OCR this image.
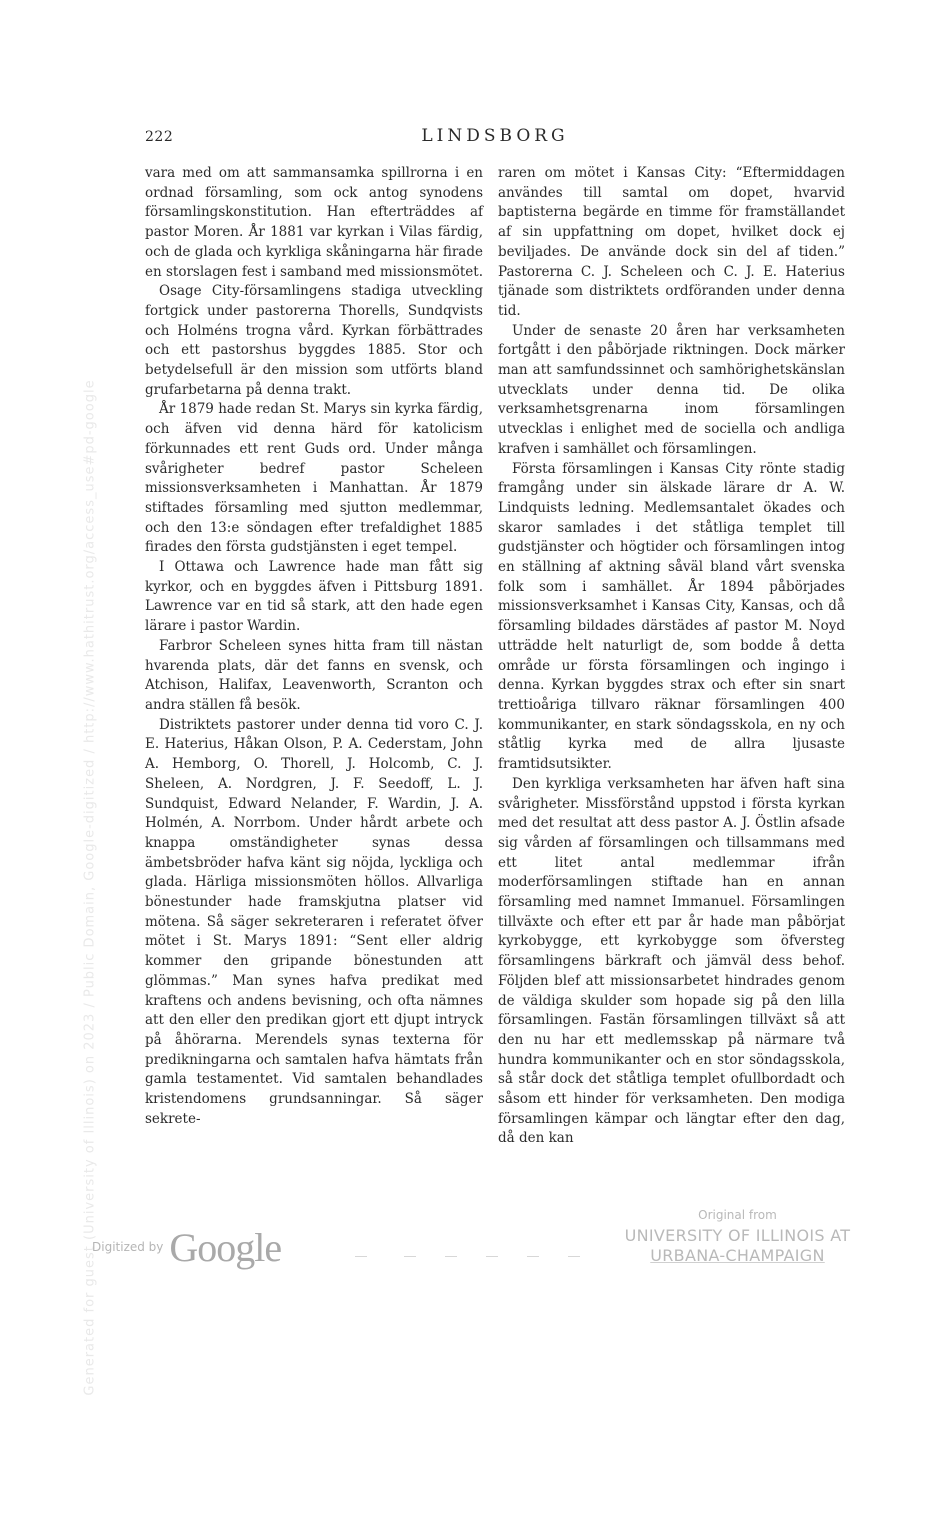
Generated for guest (University of Illinois) on 2023 / Public Domain, Google-digitized / http://www.hathitrust.org/access_use#pd-google
222	LINDSBORG

vara med om att sammansamka spillrorna i en ordnad församling, som ock antog synodens församlingskonstitution. Han efterträddes af pastor Moren. År 1881 var kyrkan i Vilas färdig, och de glada och kyrkliga skåningarna här firade en storslagen fest i samband med missionsmötet.

Osage City-församlingens stadiga utveckling fortgick under pastorerna Thorells, Sundqvists och Holméns trogna vård. Kyrkan förbättrades och ett pastorshus byggdes 1885. Stor och betydelsefull är den mission som utförts bland grufarbetarna på denna trakt.

År 1879 hade redan St. Marys sin kyrka färdig, och äfven vid denna härd för katolicism förkunnades ett rent Guds ord. Under många svårigheter bedref pastor Scheleen missionsverksamheten i Manhattan. År 1879 stiftades församling med sjutton medlemmar, och den 13:e söndagen efter trefaldighet 1885 firades den första gudstjänsten i eget tempel.

I Ottawa och Lawrence hade man fått sig kyrkor, och en byggdes äfven i Pittsburg 1891. Lawrence var en tid så stark, att den hade egen lärare i pastor Wardin.

Farbror Scheleen synes hitta fram till nästan hvarenda plats, där det fanns en svensk, och Atchison, Halifax, Leavenworth, Scranton och andra ställen få besök.

Distriktets pastorer under denna tid voro C. J. E. Haterius, Håkan Olson, P. A. Cederstam, John A. Hemborg, O. Thorell, J. Holcomb, C. J. Sheleen, A. Nordgren, J. F. Seedoff, L. J. Sundquist, Edward Nelander, F. Wardin, J. A. Holmén, A. Norrbom. Under hårdt arbete och knappa omständigheter synas dessa ämbetsbröder hafva känt sig nöjda, lyckliga och glada. Härliga missionsmöten höllos. Allvarliga bönestunder hade framskjutna platser vid mötena. Så säger sekreteraren i referatet öfver mötet i St. Marys 1891: “Sent eller aldrig kommer den gripande bönestunden att glömmas.” Man synes hafva predikat med kraftens och andens bevisning, och ofta nämnes att den eller den predikan gjort ett djupt intryck på åhörarna. Merendels synas texterna för predikningarna och samtalen hafva hämtats från gamla testamentet. Vid samtalen behandlades kristendomens grundsanningar. Så säger sekrete-

raren om mötet i Kansas City: “Eftermiddagen användes till samtal om dopet, hvarvid baptisterna begärde en timme för framställandet af sin uppfattning om dopet, hvilket dock ej beviljades. De använde dock sin del af tiden.” Pastorerna C. J. Scheleen och C. J. E. Haterius tjänade som distriktets ordföranden under denna tid.

Under de senaste 20 åren har verksamheten fortgått i den påbörjade riktningen. Dock märker man att samfundssinnet och samhörighetskänslan utvecklats under denna tid. De olika verksamhetsgrenarna inom församlingen utvecklas i enlighet med de sociella och andliga krafven i samhället och församlingen.

Första församlingen i Kansas City rönte stadig framgång under sin älskade lärare dr A. W. Lindquists ledning. Medlemsantalet ökades och skaror samlades i det ståtliga templet till gudstjänster och högtider och församlingen intog en ställning af aktning såväl bland vårt svenska folk som i samhället. År 1894 påbörjades missionsverksamhet i Kansas City, Kansas, och då församling bildades därstädes af pastor M. Noyd utträdde helt naturligt de, som bodde å detta område ur första församlingen och ingingo i denna. Kyrkan byggdes strax och efter sin snart trettioåriga tillvaro räknar församlingen 400 kommunikanter, en stark söndagsskola, en ny och ståtlig kyrka med de allra ljusaste framtidsutsikter.

Den kyrkliga verksamheten har äfven haft sina svårigheter. Missförstånd uppstod i första kyrkan med det resultat att dess pastor A. J. Östlin afsade sig vården af församlingen och tillsammans med ett litet antal medlemmar ifrån moderförsamlingen stiftade han en annan församling med namnet Immanuel. Församlingen tillväxte och efter ett par år hade man påbörjat kyrkobygge, ett kyrkobygge som öfversteg församlingens bärkraft och jämväl dess behof. Följden blef att missionsarbetet hindrades genom de väldiga skulder som hopade sig på den lilla församlingen. Fastän församlingen tillväxt så att den nu har ett medlemsskap på närmare två hundra kommunikanter och en stor söndagsskola, så står dock det ståtliga templet ofullbordadt och såsom ett hinder för verksamheten. Den modiga församlingen kämpar och längtar efter den dag, då den kan

Digitized by Google
Original from
UNIVERSITY OF ILLINOIS AT
URBANA-CHAMPAIGN
